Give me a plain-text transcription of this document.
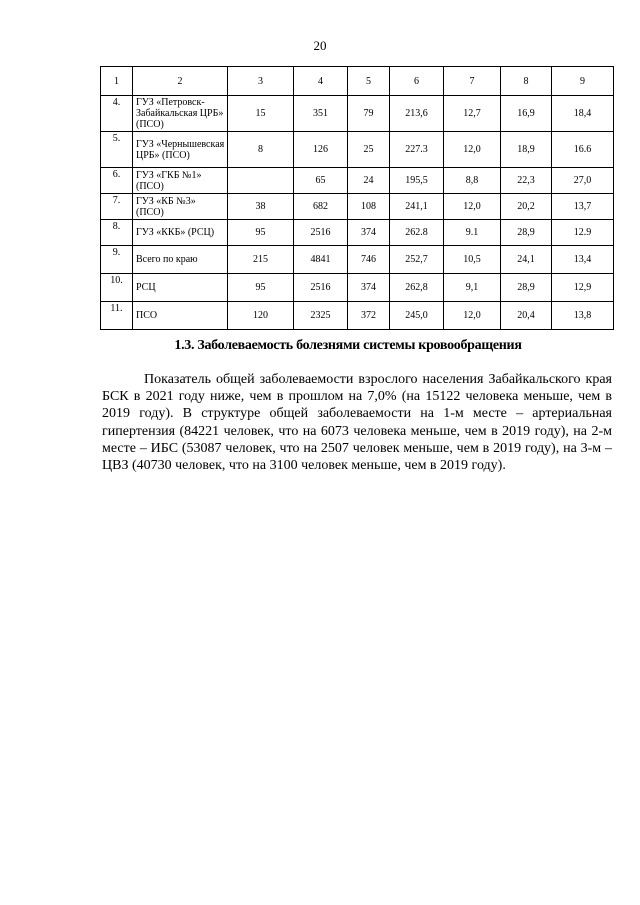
20
1	2	3	4	5	6	7	8	9
4.	ГУЗ «Петровск-Забайкальская ЦРБ» (ПСО)	15	351	79	213,6	12,7	16,9	18,4
5.	ГУЗ «Чернышевская ЦРБ» (ПСО)	8	126	25	227.3	12,0	18,9	16.6
6.	ГУЗ «ГКБ №1» (ПСО)		65	24	195,5	8,8	22,3	27,0
7.	ГУЗ «КБ №3» (ПСО)	38	682	108	241,1	12,0	20,2	13,7
8.	ГУЗ «ККБ» (РСЦ)	95	2516	374	262.8	9.1	28,9	12.9
9.	Всего по краю	215	4841	746	252,7	10,5	24,1	13,4
10.	РСЦ	95	2516	374	262,8	9,1	28,9	12,9
11.	ПСО	120	2325	372	245,0	12,0	20,4	13,8
1.3. Заболеваемость болезнями системы кровообращения

Показатель общей заболеваемости взрослого населения Забайкальского края БСК в 2021 году ниже, чем в прошлом на 7,0% (на 15122 человека меньше, чем в 2019 году). В структуре общей заболеваемости на 1-м месте – артериальная гипертензия (84221 человек, что на 6073 человека меньше, чем в 2019 году), на 2-м месте – ИБС (53087 человек, что на 2507 человек меньше, чем в 2019 году), на 3-м – ЦВЗ (40730 человек, что на 3100 человек меньше, чем в 2019 году).
